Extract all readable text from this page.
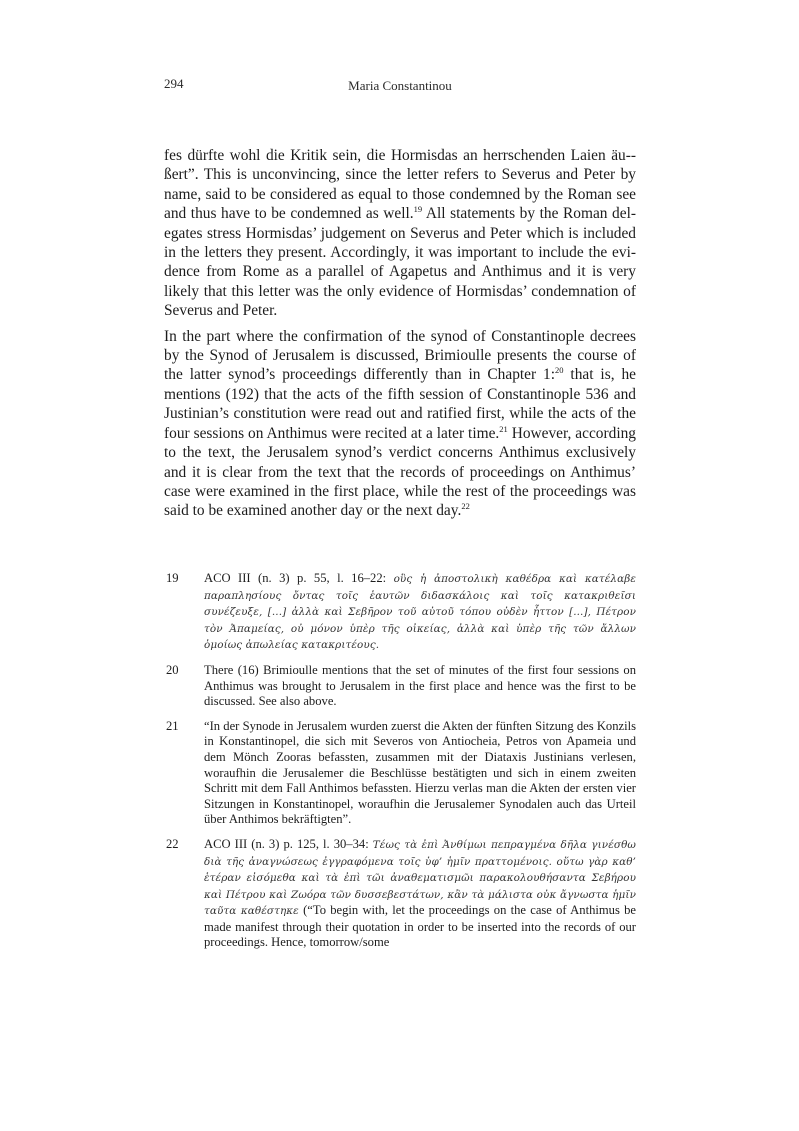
294	Maria Constantinou

fes dürfte wohl die Kritik sein, die Hormisdas an herrschenden Laien äu-ßert”. This is unconvincing, since the letter refers to Severus and Peter by name, said to be considered as equal to those condemned by the Roman see and thus have to be condemned as well.$^{19}$ All statements by the Roman delegates stress Hormisdas’ judgement on Severus and Peter which is included in the letters they present. Accordingly, it was important to include the evidence from Rome as a parallel of Agapetus and Anthimus and it is very likely that this letter was the only evidence of Hormisdas’ condemnation of Severus and Peter.

In the part where the confirmation of the synod of Constantinople decrees by the Synod of Jerusalem is discussed, Brimioulle presents the course of the latter synod’s proceedings differently than in Chapter 1:$^{20}$ that is, he mentions (192) that the acts of the fifth session of Constantinople 536 and Justinian’s constitution were read out and ratified first, while the acts of the four sessions on Anthimus were recited at a later time.$^{21}$ However, according to the text, the Jerusalem synod’s verdict concerns Anthimus exclusively and it is clear from the text that the records of proceedings on Anthimus’ case were examined in the first place, while the rest of the proceedings was said to be examined another day or the next day.$^{22}$

19	ACO III (n. 3) p. 55, l. 16–22: οὓς ἡ ἀποστολικὴ καθέδρα καὶ κατέλαβε παραπλησίους ὄντας τοῖς ἑαυτῶν διδασκάλοις καὶ τοῖς κατακριθεῖσι συνέζευξε, [...] ἀλλὰ καὶ Σεβῆρον τοῦ αὐτοῦ τόπου οὐδὲν ἧττον [...], Πέτρον τὸν Ἀπαμείας, οὐ μόνον ὑπὲρ τῆς οἰκείας, ἀλλὰ καὶ ὑπὲρ τῆς τῶν ἄλλων ὁμοίως ἀπωλείας κατακριτέους.
20	There (16) Brimioulle mentions that the set of minutes of the first four sessions on Anthimus was brought to Jerusalem in the first place and hence was the first to be discussed. See also above.
21	“In der Synode in Jerusalem wurden zuerst die Akten der fünften Sitzung des Konzils in Konstantinopel, die sich mit Severos von Antiocheia, Petros von Apameia und dem Mönch Zooras befassten, zusammen mit der Diataxis Justinians verlesen, woraufhin die Jerusalemer die Beschlüsse bestätigten und sich in einem zweiten Schritt mit dem Fall Anthimos befassten. Hierzu verlas man die Akten der ersten vier Sitzungen in Konstantinopel, woraufhin die Jerusalemer Synodalen auch das Urteil über Anthimos bekräftigten”.
22	ACO III (n. 3) p. 125, l. 30–34: Τέως τὰ ἐπὶ Ἀνθίμωι πεπραγμένα δῆλα γινέσθω διὰ τῆς ἀναγνώσεως ἐγγραφόμενα τοῖς ὑφ’ ἡμῖν πραττομένοις. οὕτω γὰρ καθ’ ἑτέραν εἰσόμεθα καὶ τὰ ἐπὶ τῶι ἀναθεματισμῶι παρακολουθήσαντα Σεβήρου καὶ Πέτρου καὶ Ζωόρα τῶν δυσσεβεστάτων, κἂν τὰ μάλιστα οὐκ ἄγνωστα ἡμῖν ταῦτα καθέστηκε (“To begin with, let the proceedings on the case of Anthimus be made manifest through their quotation in order to be inserted into the records of our proceedings. Hence, tomorrow/some
